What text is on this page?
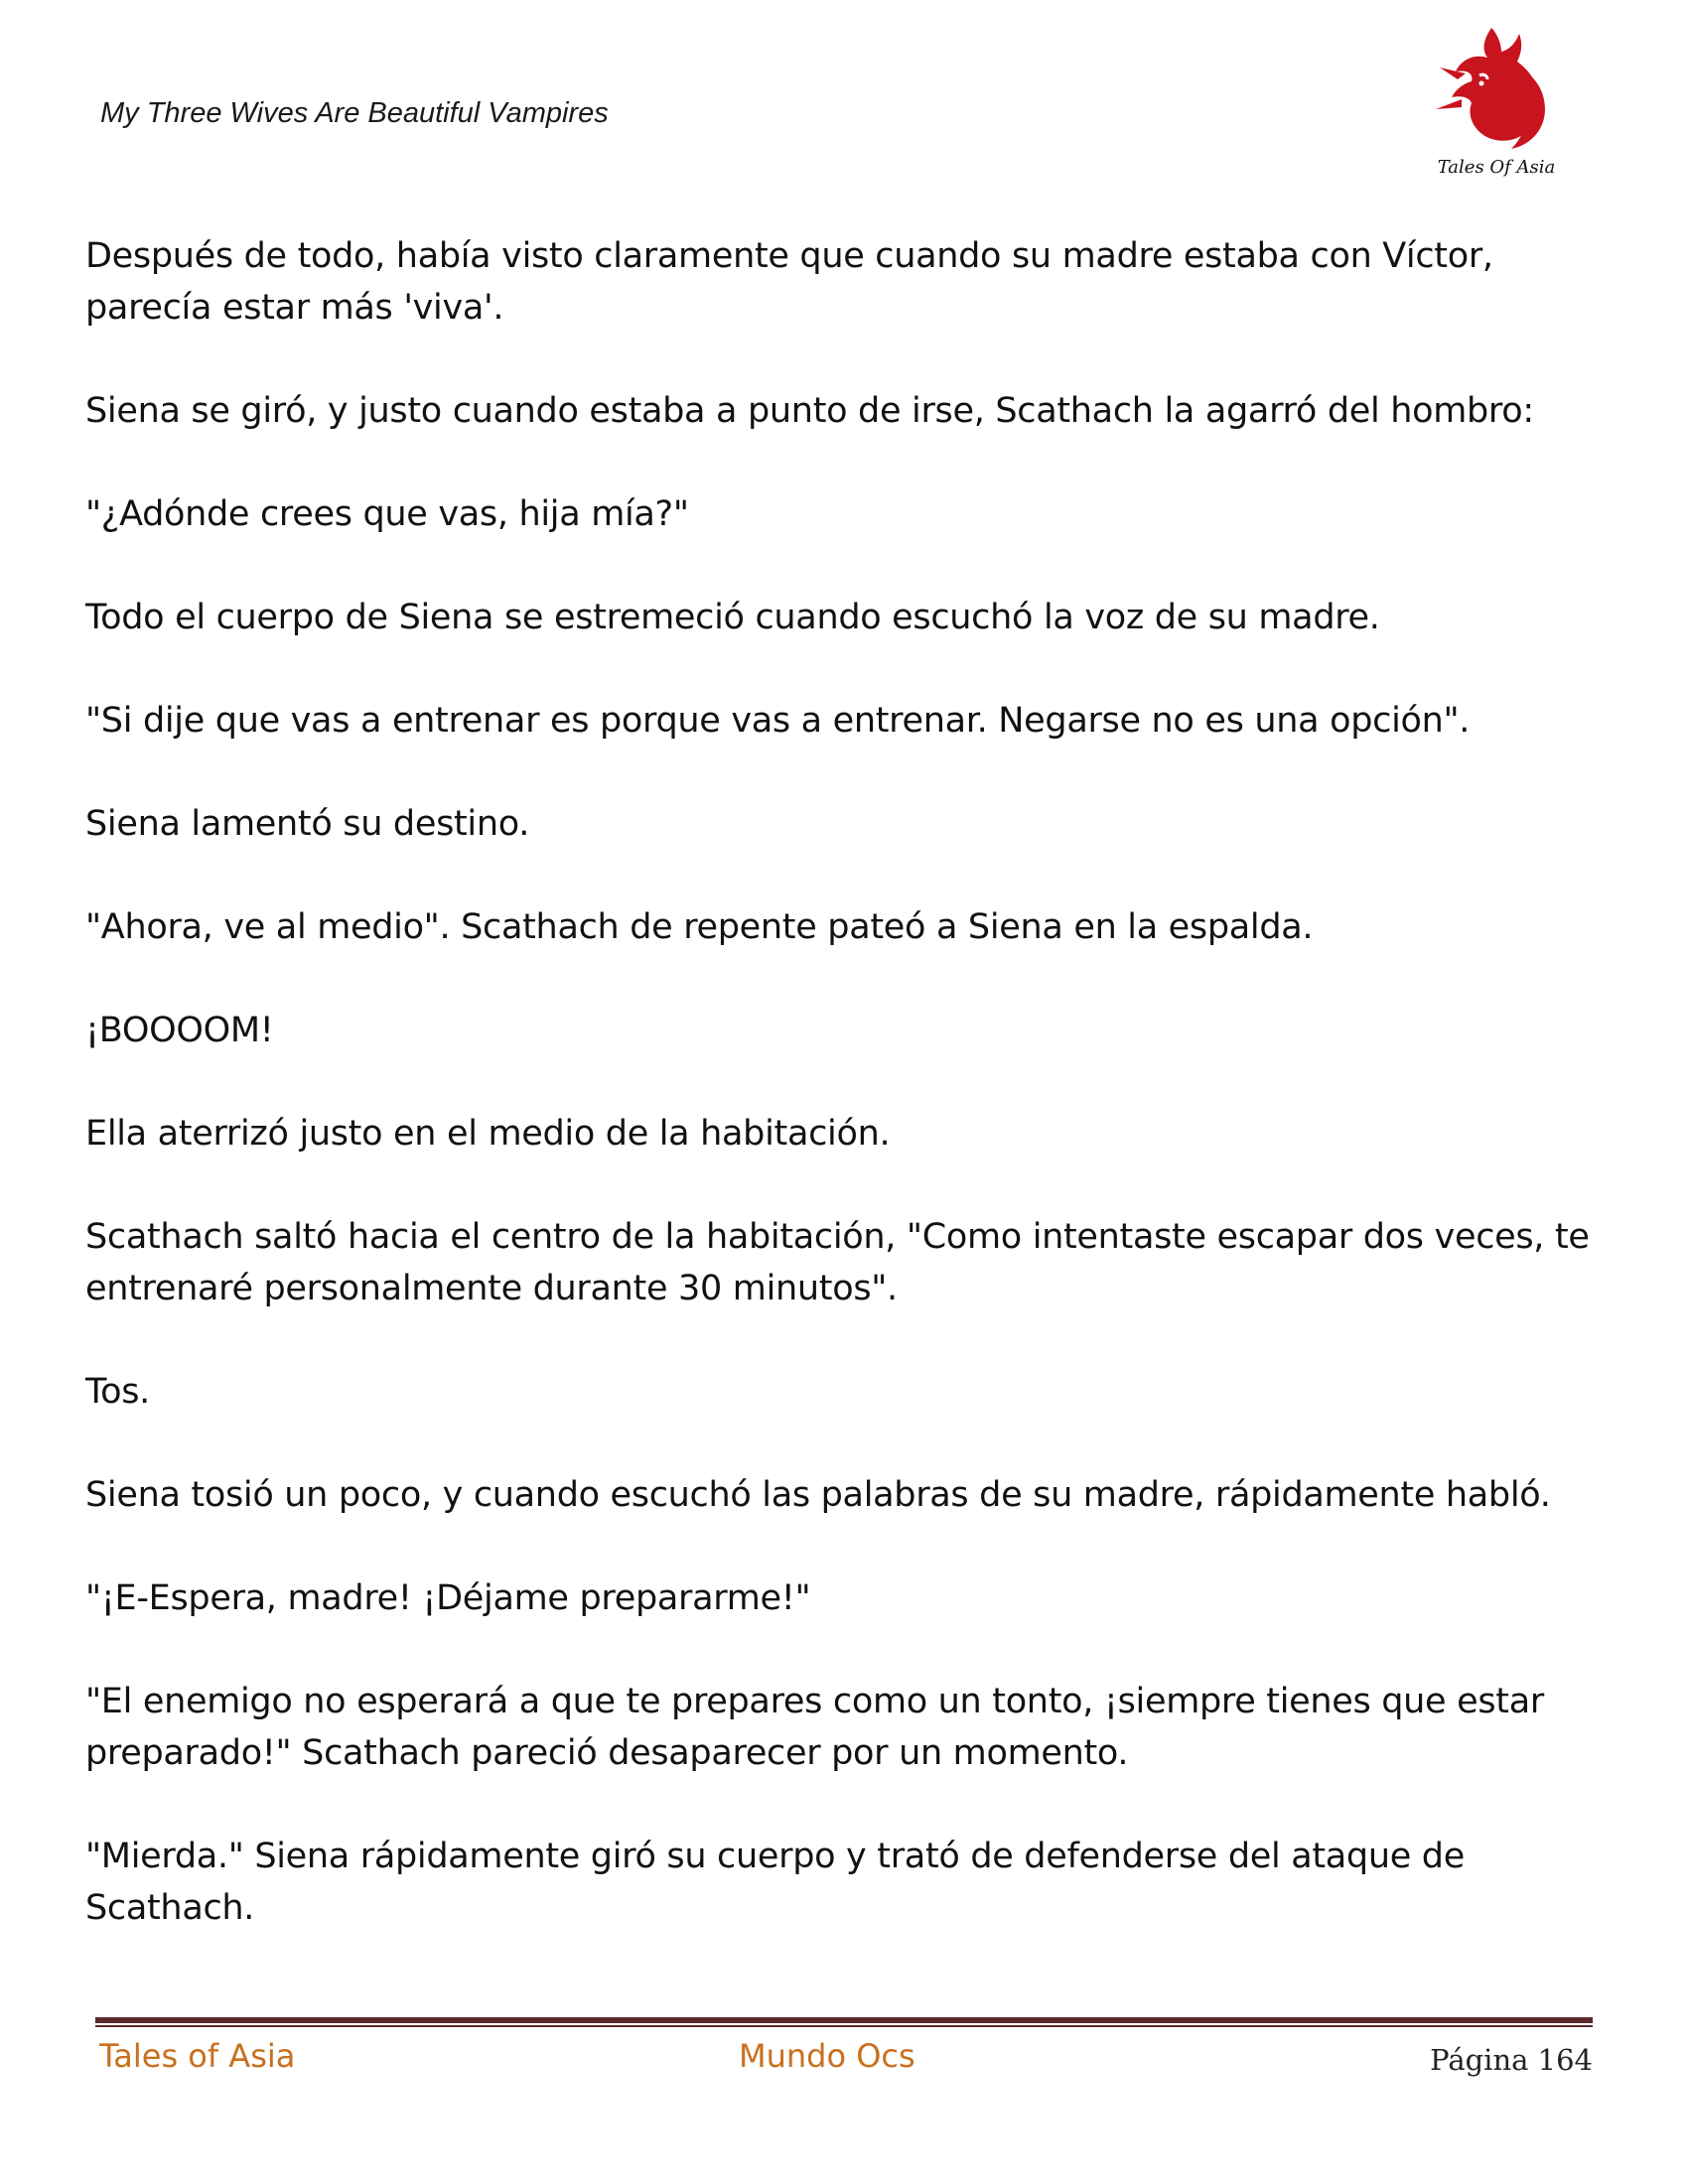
My Three Wives Are Beautiful Vampires
Tales Of Asia

Después de todo, había visto claramente que cuando su madre estaba con Víctor, parecía estar más 'viva'.

Siena se giró, y justo cuando estaba a punto de irse, Scathach la agarró del hombro:

"¿Adónde crees que vas, hija mía?"

Todo el cuerpo de Siena se estremeció cuando escuchó la voz de su madre.

"Si dije que vas a entrenar es porque vas a entrenar. Negarse no es una opción".

Siena lamentó su destino.

"Ahora, ve al medio". Scathach de repente pateó a Siena en la espalda.

¡BOOOOM!

Ella aterrizó justo en el medio de la habitación.

Scathach saltó hacia el centro de la habitación, "Como intentaste escapar dos veces, te entrenaré personalmente durante 30 minutos".

Tos.

Siena tosió un poco, y cuando escuchó las palabras de su madre, rápidamente habló.

"¡E-Espera, madre! ¡Déjame prepararme!"

"El enemigo no esperará a que te prepares como un tonto, ¡siempre tienes que estar preparado!" Scathach pareció desaparecer por un momento.

"Mierda." Siena rápidamente giró su cuerpo y trató de defenderse del ataque de Scathach.

Tales of Asia	Mundo Ocs	Página 164
